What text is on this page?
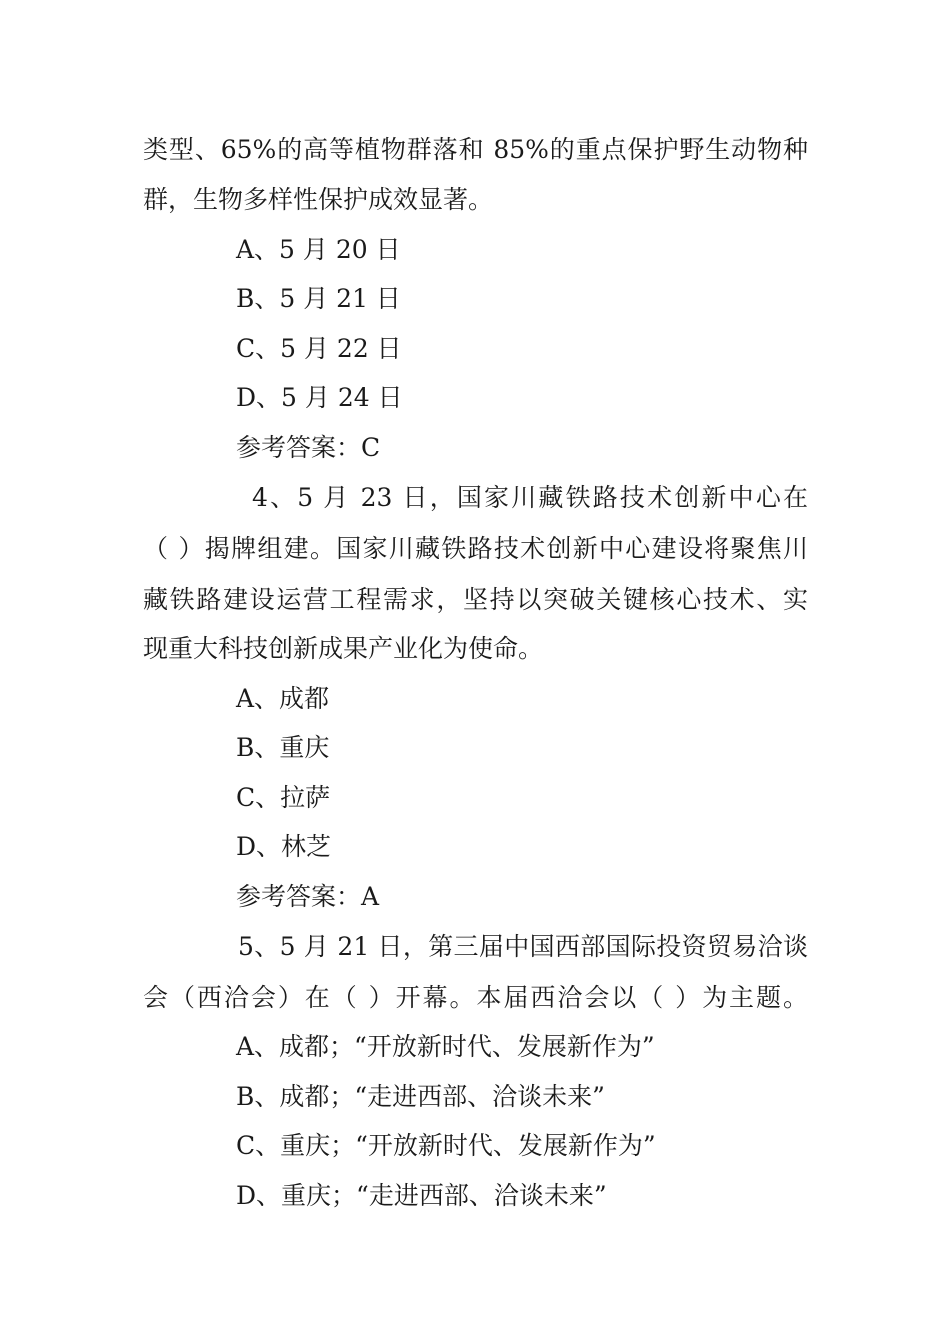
类型、65%的高等植物群落和 85%的重点保护野生动物种
群，生物多样性保护成效显著。
A、5 月 20 日
B、5 月 21 日
C、5 月 22 日
D、5 月 24 日
参考答案：C
4、5 月 23 日，国家川藏铁路技术创新中心在
（ ）揭牌组建。国家川藏铁路技术创新中心建设将聚焦川
藏铁路建设运营工程需求，坚持以突破关键核心技术、实
现重大科技创新成果产业化为使命。
A、成都
B、重庆
C、拉萨
D、林芝
参考答案：A
5、5 月 21 日，第三届中国西部国际投资贸易洽谈
会（西洽会）在（ ）开幕。本届西洽会以（ ）为主题。
A、成都；“开放新时代、发展新作为”
B、成都；“走进西部、洽谈未来”
C、重庆；“开放新时代、发展新作为”
D、重庆；“走进西部、洽谈未来”
